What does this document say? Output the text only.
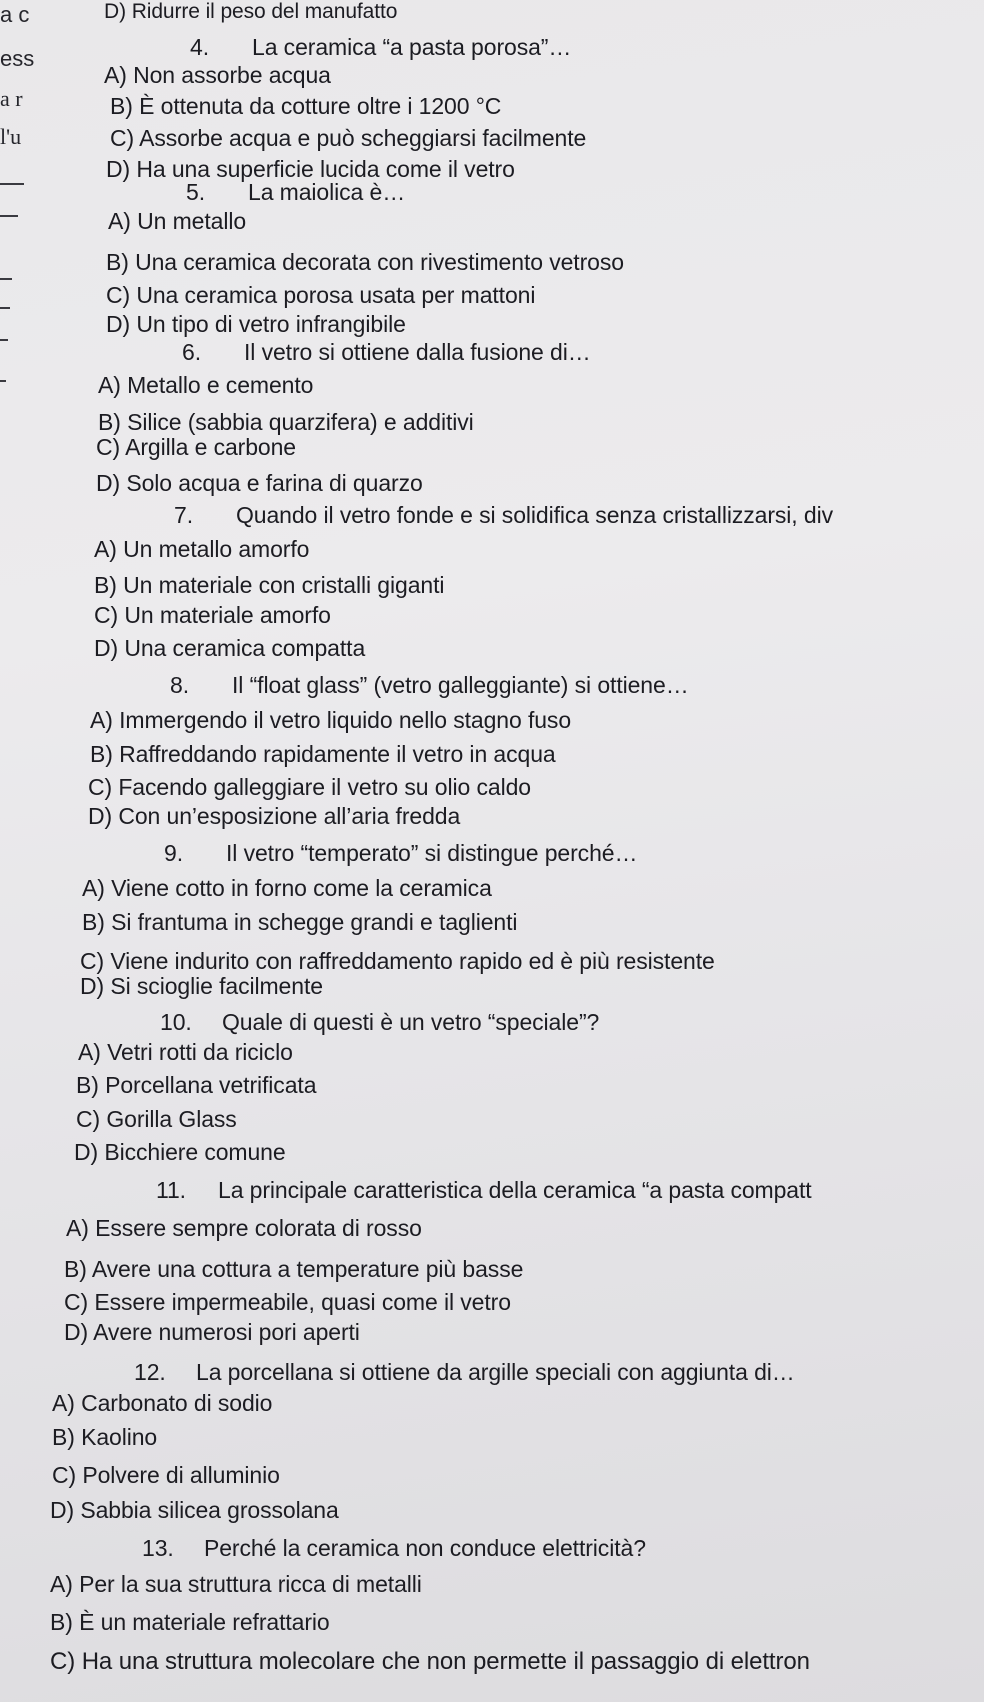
a c
ess
a r
l'u
D) Ridurre il peso del manufatto
4. La ceramica “a pasta porosa”…
A) Non assorbe acqua
B) È ottenuta da cotture oltre i 1200 °C
C) Assorbe acqua e può scheggiarsi facilmente
D) Ha una superficie lucida come il vetro
5. La maiolica è…
A) Un metallo
B) Una ceramica decorata con rivestimento vetroso
C) Una ceramica porosa usata per mattoni
D) Un tipo di vetro infrangibile
6. Il vetro si ottiene dalla fusione di…
A) Metallo e cemento
B) Silice (sabbia quarzifera) e additivi
C) Argilla e carbone
D) Solo acqua e farina di quarzo
7. Quando il vetro fonde e si solidifica senza cristallizzarsi, div
A) Un metallo amorfo
B) Un materiale con cristalli giganti
C) Un materiale amorfo
D) Una ceramica compatta
8. Il “float glass” (vetro galleggiante) si ottiene…
A) Immergendo il vetro liquido nello stagno fuso
B) Raffreddando rapidamente il vetro in acqua
C) Facendo galleggiare il vetro su olio caldo
D) Con un’esposizione all’aria fredda
9. Il vetro “temperato” si distingue perché…
A) Viene cotto in forno come la ceramica
B) Si frantuma in schegge grandi e taglienti
C) Viene indurito con raffreddamento rapido ed è più resistente
D) Si scioglie facilmente
10. Quale di questi è un vetro “speciale”?
A) Vetri rotti da riciclo
B) Porcellana vetrificata
C) Gorilla Glass
D) Bicchiere comune
11. La principale caratteristica della ceramica “a pasta compatt
A) Essere sempre colorata di rosso
B) Avere una cottura a temperature più basse
C) Essere impermeabile, quasi come il vetro
D) Avere numerosi pori aperti
12. La porcellana si ottiene da argille speciali con aggiunta di…
A) Carbonato di sodio
B) Kaolino
C) Polvere di alluminio
D) Sabbia silicea grossolana
13. Perché la ceramica non conduce elettricità?
A) Per la sua struttura ricca di metalli
B) È un materiale refrattario
C) Ha una struttura molecolare che non permette il passaggio di elettron
